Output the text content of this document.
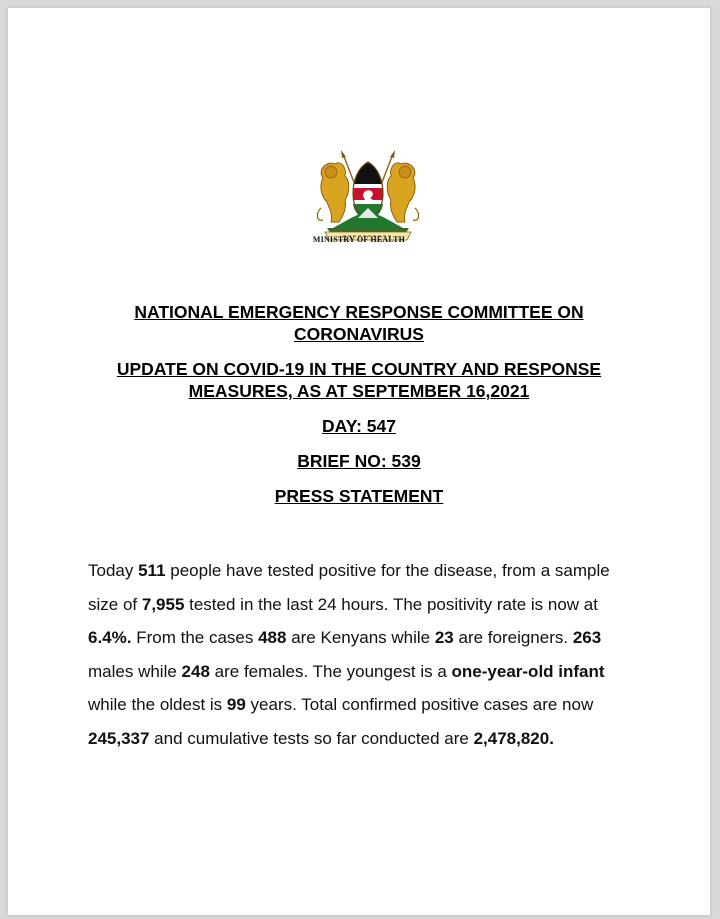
MINISTRY OF HEALTH

NATIONAL EMERGENCY RESPONSE COMMITTEE ON
CORONAVIRUS

UPDATE ON COVID-19 IN THE COUNTRY AND RESPONSE
MEASURES, AS AT SEPTEMBER 16,2021

DAY: 547

BRIEF NO: 539

PRESS STATEMENT

Today 511 people have tested positive for the disease, from a sample size of 7,955 tested in the last 24 hours. The positivity rate is now at 6.4%. From the cases 488 are Kenyans while 23 are foreigners. 263 males while 248 are females. The youngest is a one-year-old infant while the oldest is 99 years. Total confirmed positive cases are now 245,337 and cumulative tests so far conducted are 2,478,820.
